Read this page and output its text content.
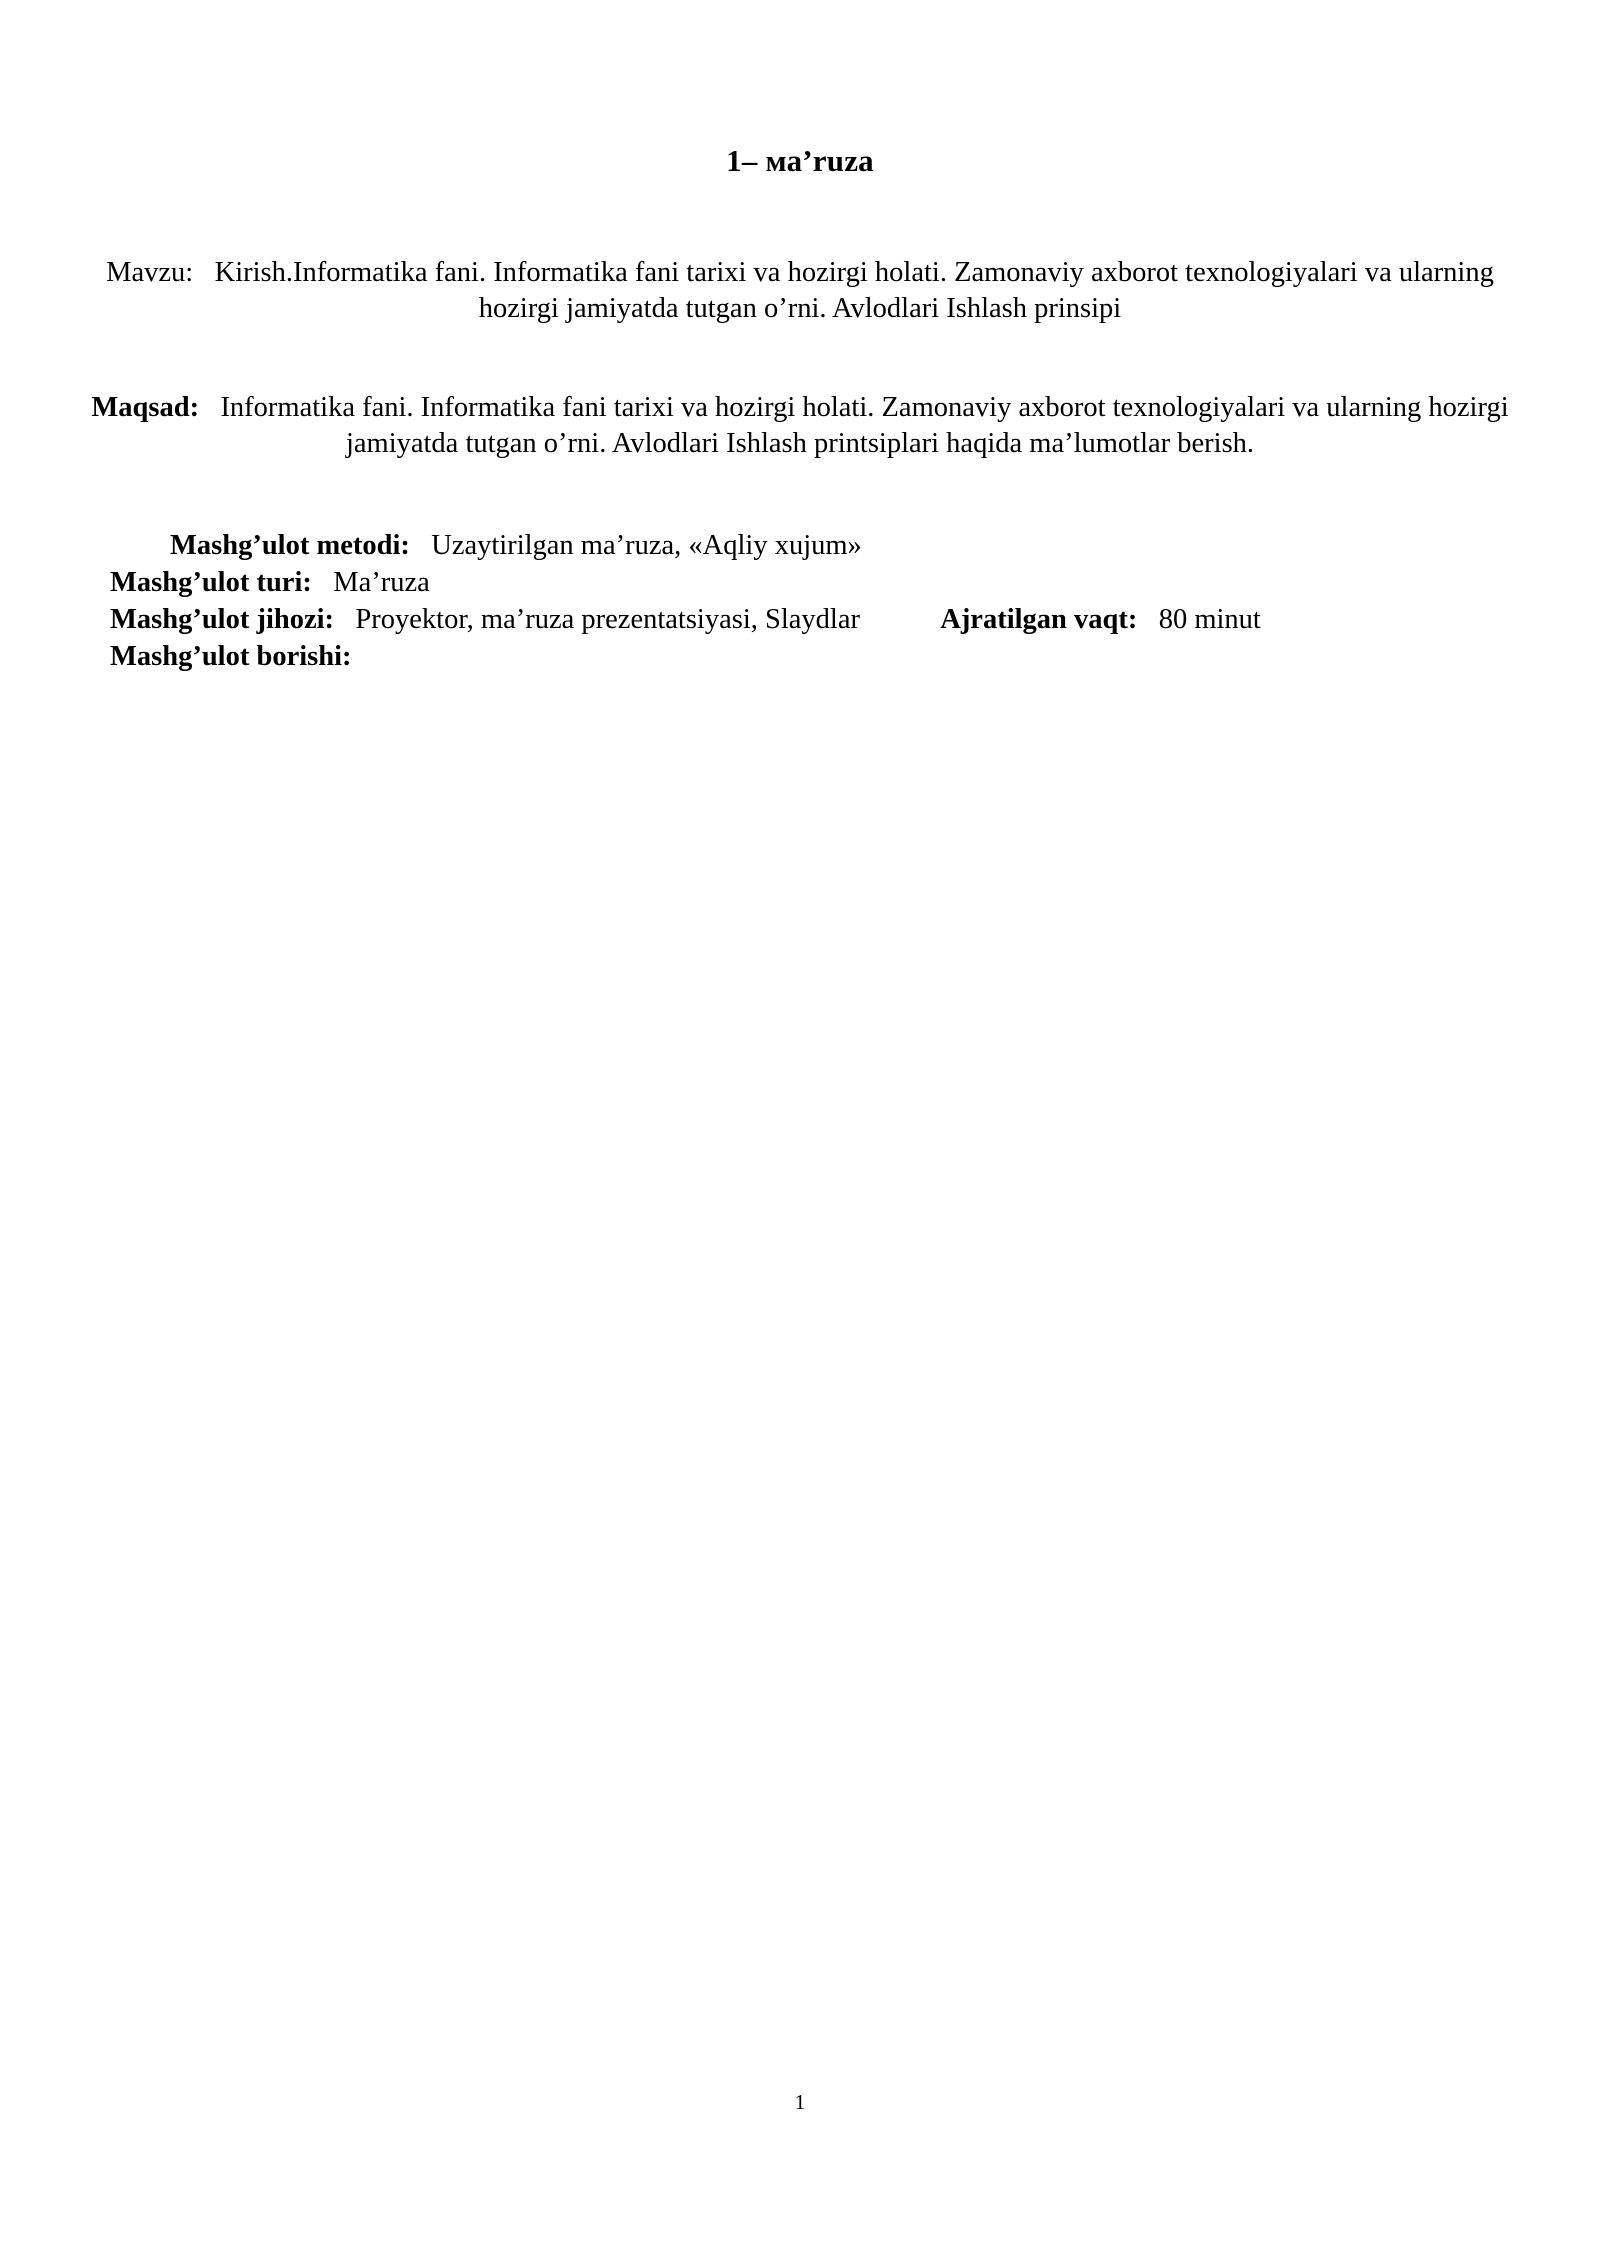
1– ма’ruza

Mavzu: Kirish.Informatika fani. Informatika fani tarixi va hozirgi holati. Zamonaviy axborot texnologiyalari va ularning hozirgi jamiyatda tutgan o’rni. Avlodlari Ishlash prinsipi

Maqsad: Informatika fani. Informatika fani tarixi va hozirgi holati. Zamonaviy axborot texnologiyalari va ularning hozirgi jamiyatda tutgan o’rni. Avlodlari Ishlash printsiplari haqida ma’lumotlar berish.

Mashg’ulot metodi: Uzaytirilgan ma’ruza, «Aqliy xujum»
Mashg’ulot turi: Ma’ruza
Mashg’ulot jihozi: Proyektor, ma’ruza prezentatsiyasi, Slaydlar	Ajratilgan vaqt: 80 minut
Mashg’ulot borishi:
1
